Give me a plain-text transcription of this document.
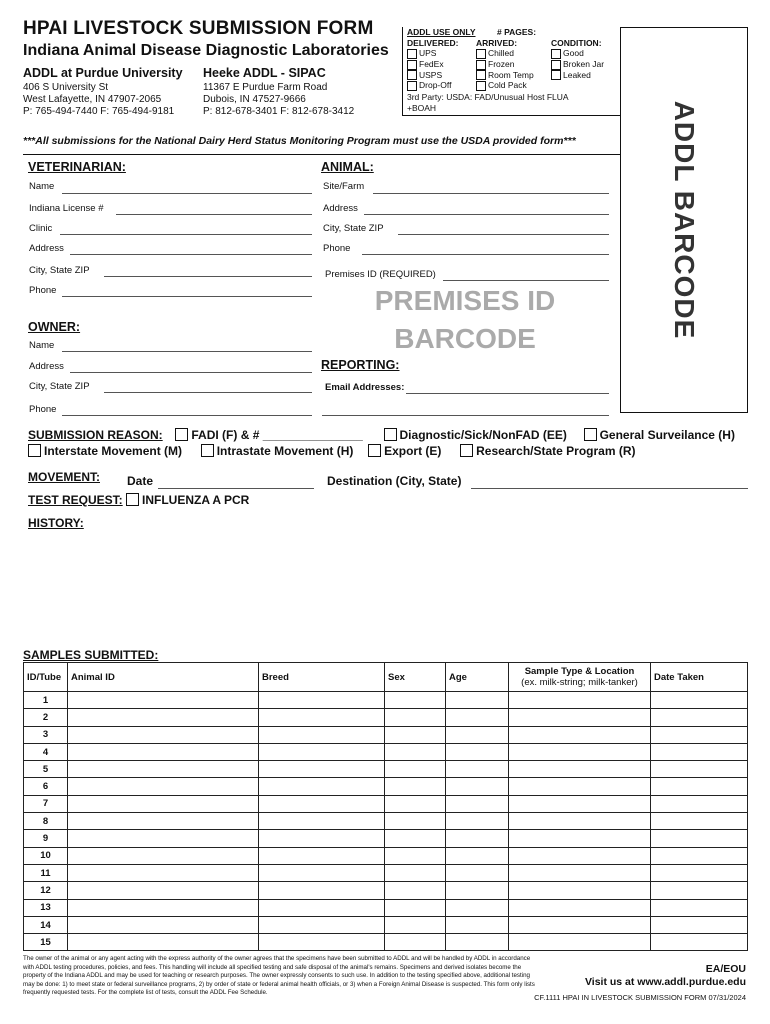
HPAI LIVESTOCK SUBMISSION FORM
Indiana Animal Disease Diagnostic Laboratories
ADDL at Purdue University
406 S University St
West Lafayette, IN 47907-2065
P: 765-494-7440 F: 765-494-9181
Heeke ADDL - SIPAC
11367 E Purdue Farm Road
Dubois, IN 47527-9666
P: 812-678-3401 F: 812-678-3412
ADDL USE ONLY	# PAGES:
DELIVERED: ARRIVED:	CONDITION:
UPS
FedEx
USPS
Drop-Off
Chilled
Frozen
Room Temp
Cold Pack
Good
Broken Jar
Leaked
3rd Party: USDA: FAD/Unusual Host FLUA
+BOAH	ADDL BARCODE
***All submissions for the National Dairy Herd Status Monitoring Program must use the USDA provided form***
VETERINARIAN:
Name
Indiana License #
Clinic
Address
City, State ZIP
Phone
ANIMAL:
Site/Farm
Address
City, State ZIP
Phone
Premises ID (REQUIRED)
PREMISES ID
BARCODE
OWNER:
Name
Address
City, State ZIP
Phone
REPORTING:
Email Addresses:
SUBMISSION REASON: FADI (F) & # _______________	Diagnostic/Sick/NonFAD (EE)	General Surveilance (H)
Interstate Movement (M)	Intrastate Movement (H)	Export (E)	Research/State Program (R)
MOVEMENT: Date	Destination (City, State)
TEST REQUEST:	INFLUENZA A PCR
HISTORY:
SAMPLES SUBMITTED:
ID/Tube	Animal ID	Breed	Sex	Age	Sample Type & Location
(ex. milk-string; milk-tanker)	Date Taken
1						
2						
3						
4						
5						
6						
7						
8						
9						
10						
11						
12						
13						
14						
15						
The owner of the animal or any agent acting with the express authority of the owner agrees that the specimens have been submitted to ADDL and will be handled by ADDL in accordance with ADDL testing procedures, policies, and fees. This handling will include all specified testing and safe disposal of the animal's remains. Specimens and derived isolates become the property of the Indiana ADDL and may be used for teaching or research purposes. The owner expressly consents to such use. In addition to the testing specified above, additional testing may be done: 1) to meet state or federal surveillance programs, 2) by order of state or federal animal health officials, or 3) when a Foreign Animal Disease is suspected. This form only lists frequently requested tests. For the complete list of tests, consult the ADDL Fee Schedule.
EA/EOU
Visit us at www.addl.purdue.edu
CF.1111 HPAI IN LIVESTOCK SUBMISSION FORM 07/31/2024
